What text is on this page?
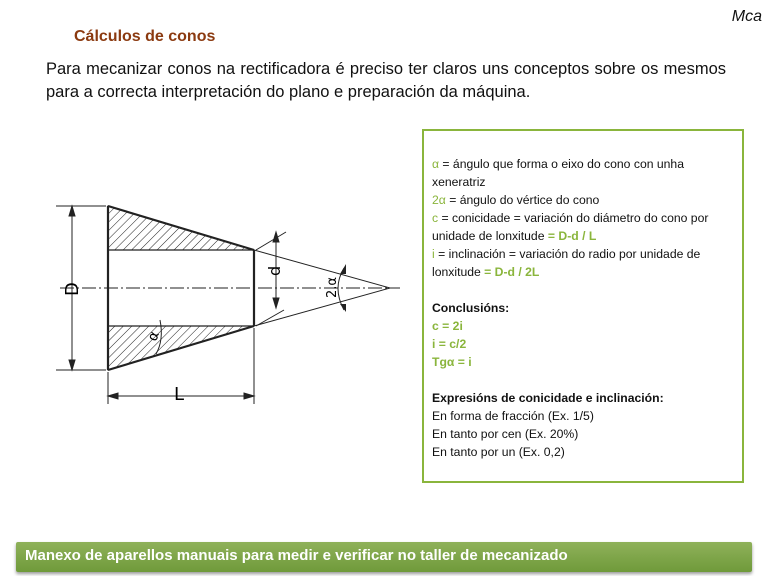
Mca
Cálculos de conos
Para mecanizar conos na rectificadora é preciso ter claros uns conceptos sobre os mesmos para a correcta interpretación do plano e preparación da máquina.
D
d
L
α
2.α
α = ángulo que forma o eixo do cono con unha xeneratriz
2α = ángulo do vértice do cono
c = conicidade = variación do diámetro do cono por unidade de lonxitude = D-d / L
i = inclinación = variación do radio por unidade de lonxitude = D-d / 2L
Conclusións:
c = 2i
i = c/2
Tgα = i
Expresións de conicidade e inclinación:
En forma de fracción (Ex. 1/5)
En tanto por cen (Ex. 20%)
En tanto por un (Ex. 0,2)
Manexo de aparellos manuais para medir e verificar no taller de mecanizado
